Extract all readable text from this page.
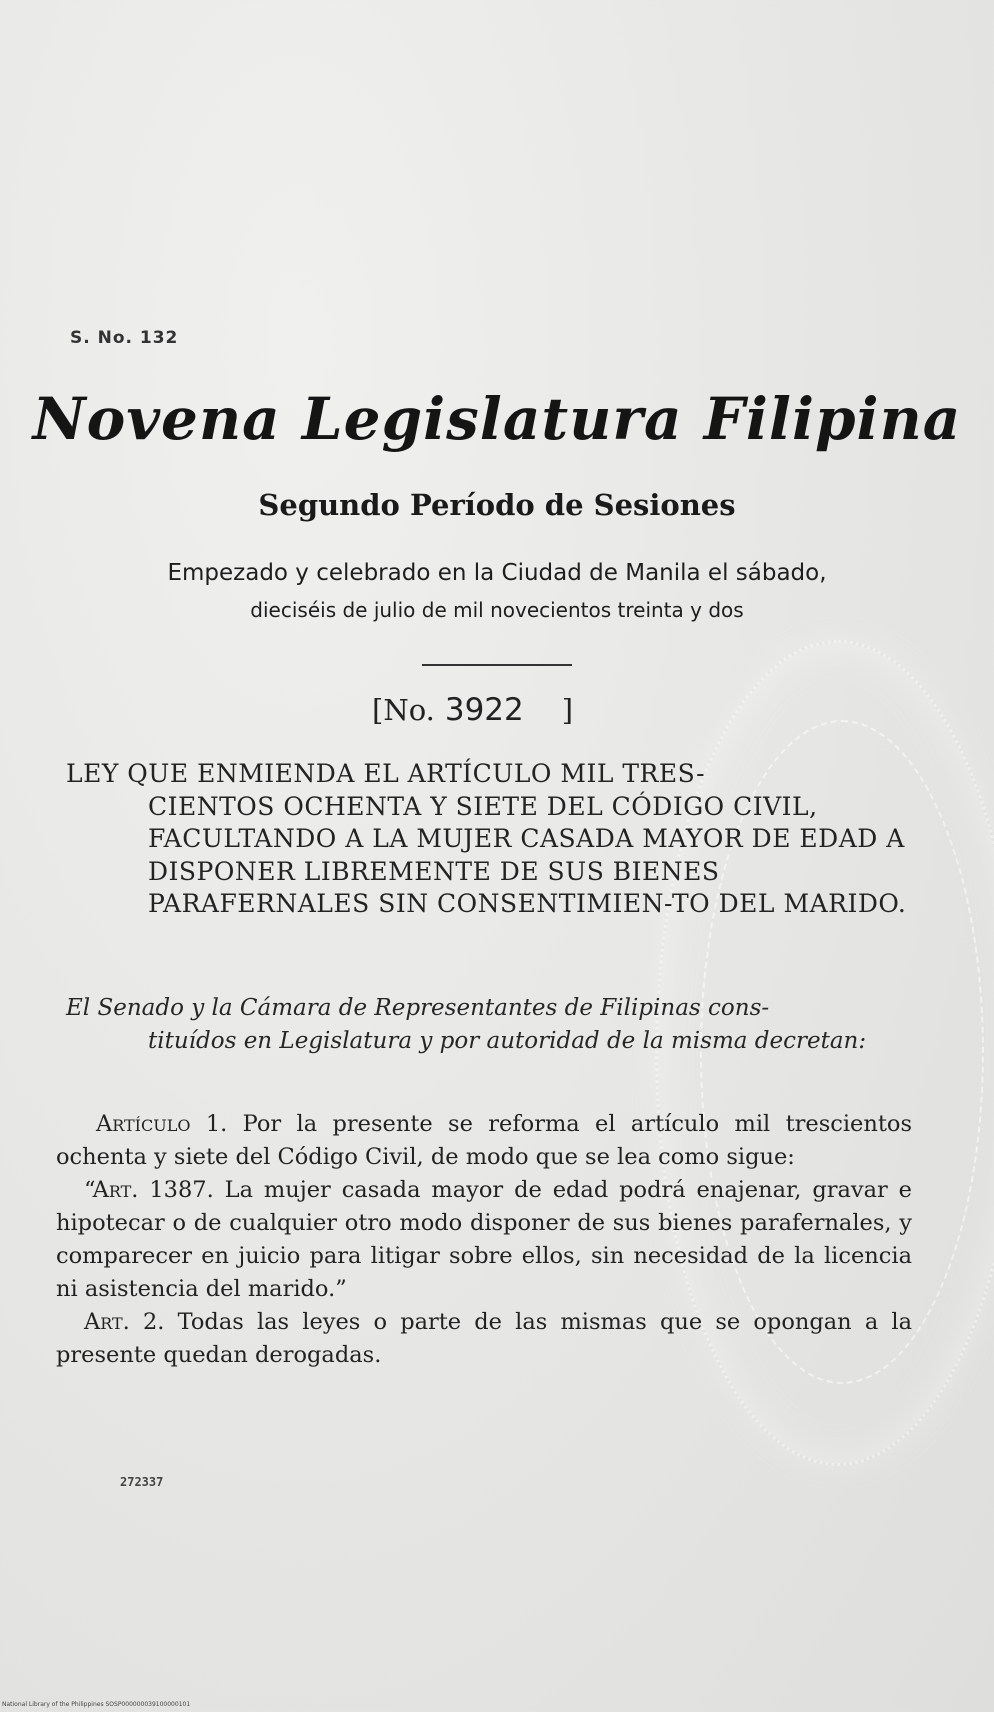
S. No. 132
Novena Legislatura Filipina
Segundo Período de Sesiones
Empezado y celebrado en la Ciudad de Manila el sábado,
dieciséis de julio de mil novecientos treinta y dos
[No. 3922 ]
LEY QUE ENMIENDA EL ARTÍCULO MIL TRES-
CIENTOS OCHENTA Y SIETE DEL CÓDIGO CIVIL, FACULTANDO A LA MUJER CASADA MAYOR DE EDAD A DISPONER LIBREMENTE DE SUS BIENES PARAFERNALES SIN CONSENTIMIEN-TO DEL MARIDO.
El Senado y la Cámara de Representantes de Filipinas cons-
tituídos en Legislatura y por autoridad de la misma decretan:

Artículo 1. Por la presente se reforma el artículo mil trescientos ochenta y siete del Código Civil, de modo que se lea como sigue:

“Art. 1387. La mujer casada mayor de edad podrá enajenar, gravar e hipotecar o de cualquier otro modo disponer de sus bienes parafernales, y comparecer en juicio para litigar sobre ellos, sin necesidad de la licencia ni asistencia del marido.”

Art. 2. Todas las leyes o parte de las mismas que se opongan a la presente quedan derogadas.

272337
National Library of the Philippines SOSP000000039100000101
